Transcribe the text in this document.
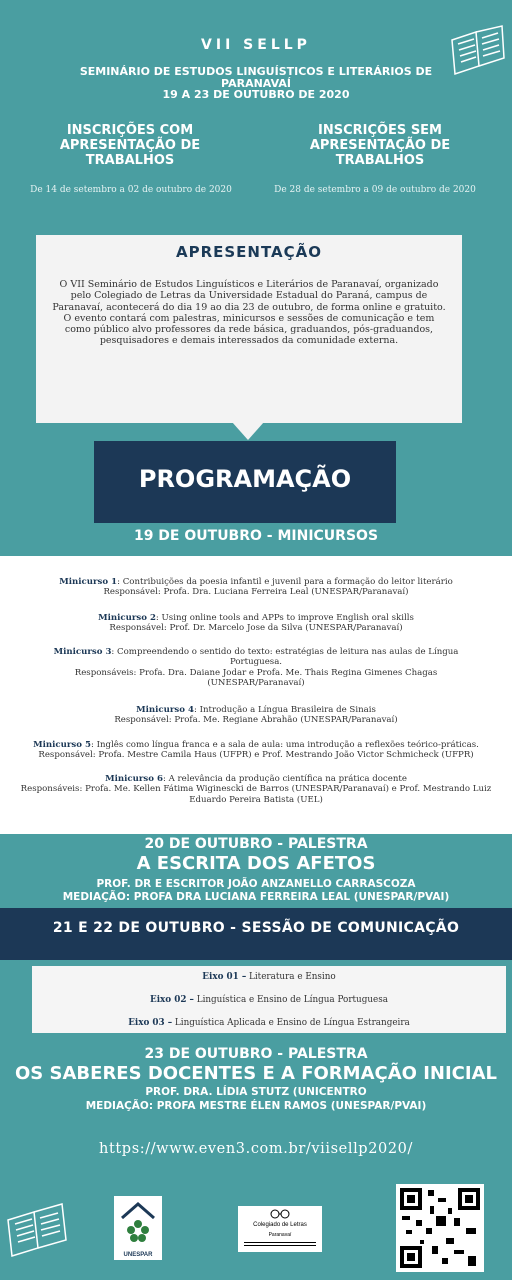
VII SELLP
SEMINÁRIO DE ESTUDOS LINGUÍSTICOS E LITERÁRIOS DE PARANAVAÍ
19 A 23 DE OUTUBRO DE 2020
INSCRIÇÕES COM APRESENTAÇÃO DE TRABALHOS
INSCRIÇÕES SEM APRESENTAÇÃO DE TRABALHOS
De 14 de setembro a 02 de outubro de 2020	De 28 de setembro a 09 de outubro de 2020
APRESENTAÇÃO
O VII Seminário de Estudos Linguísticos e Literários de Paranavaí, organizado pelo Colegiado de Letras da Universidade Estadual do Paraná, campus de Paranavaí, acontecerá do dia 19 ao dia 23 de outubro, de forma online e gratuito.
O evento contará com palestras, minicursos e sessões de comunicação e tem como público alvo professores da rede básica, graduandos, pós-graduandos, pesquisadores e demais interessados da comunidade externa.
PROGRAMAÇÃO
19 DE OUTUBRO - MINICURSOS
Minicurso 1: Contribuições da poesia infantil e juvenil para a formação do leitor literário
Responsável: Profa. Dra. Luciana Ferreira Leal (UNESPAR/Paranavaí)
Minicurso 2: Using online tools and APPs to improve English oral skills
Responsável: Prof. Dr. Marcelo Jose da Silva (UNESPAR/Paranavaí)
Minicurso 3: Compreendendo o sentido do texto: estratégias de leitura nas aulas de Língua Portuguesa.
Responsáveis: Profa. Dra. Daiane Jodar e Profa. Me. Thais Regina Gimenes Chagas (UNESPAR/Paranavaí)
Minicurso 4: Introdução a Língua Brasileira de Sinais
Responsável: Profa. Me. Regiane Abrahão (UNESPAR/Paranavaí)
Minicurso 5: Inglês como língua franca e a sala de aula: uma introdução a reflexões teórico-práticas.
Responsável: Profa. Mestre Camila Haus (UFPR) e Prof. Mestrando João Victor Schmicheck (UFPR)
Minicurso 6: A relevância da produção científica na prática docente
Responsáveis: Profa. Me. Kellen Fátima Wiginescki de Barros (UNESPAR/Paranavaí) e Prof. Mestrando Luiz Eduardo Pereira Batista (UEL)
20 DE OUTUBRO - PALESTRA
A ESCRITA DOS AFETOS
PROF. DR E ESCRITOR JOÃO ANZANELLO CARRASCOZA
MEDIAÇÃO: PROFA DRA LUCIANA FERREIRA LEAL (UNESPAR/PVAI)
21 E 22 DE OUTUBRO - SESSÃO DE COMUNICAÇÃO
Eixo 01 – Literatura e Ensino
Eixo 02 – Linguística e Ensino de Língua Portuguesa
Eixo 03 – Linguística Aplicada e Ensino de Língua Estrangeira
23 DE OUTUBRO - PALESTRA
OS SABERES DOCENTES E A FORMAÇÃO INICIAL
PROF. DRA. LÍDIA STUTZ (UNICENTRO
MEDIAÇÃO: PROFA MESTRE ÉLEN RAMOS (UNESPAR/PVAI)
https://www.even3.com.br/viisellp2020/
UNESPAR
Colegiado de Letras
Paranavaí
